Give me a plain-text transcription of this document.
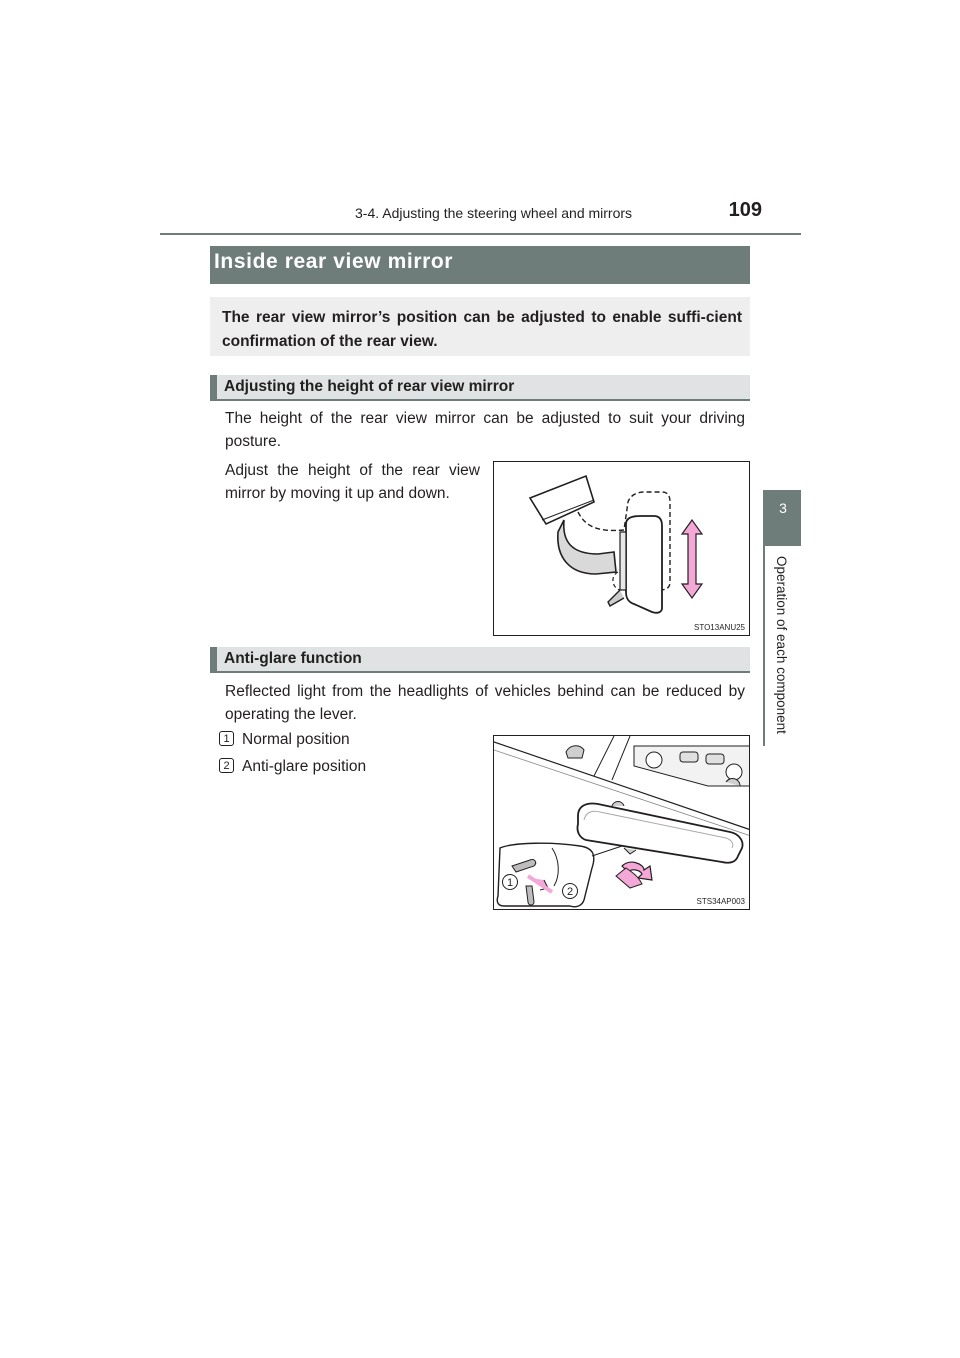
3-4. Adjusting the steering wheel and mirrors	109
3
Operation of each component
Inside rear view mirror
The rear view mirror’s position can be adjusted to enable suffi-cient confirmation of the rear view.
Adjusting the height of rear view mirror
The height of the rear view mirror can be adjusted to suit your driving posture.
Adjust the height of the rear view mirror by moving it up and down.
STO13ANU25
Anti-glare function
Reflected light from the headlights of vehicles behind can be reduced by operating the lever.
1 Normal position
2 Anti-glare position
1
2
STS34AP003
